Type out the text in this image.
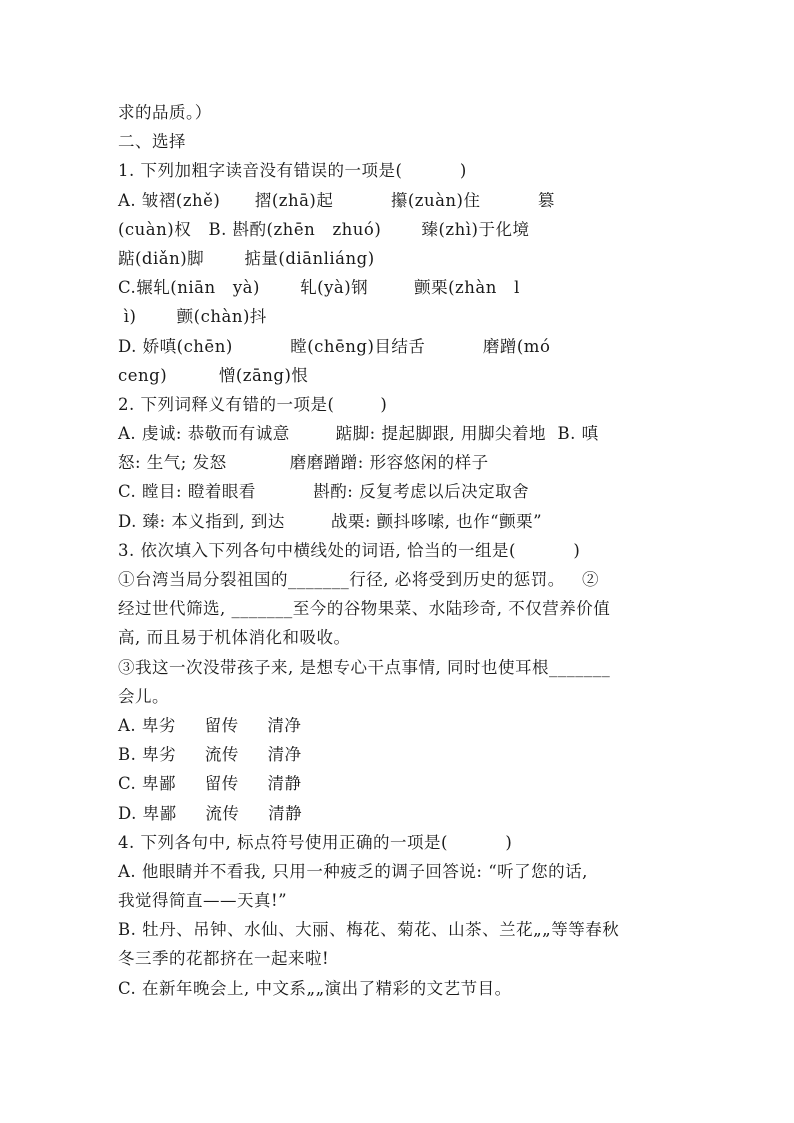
求的品质。）
二、选择
1. 下列加粗字读音没有错误的一项是(          )
A. 皱褶(zhě)      摺(zhā)起          攥(zuàn)住          篡
(cuàn)权   B. 斟酌(zhēn   zhuó)       臻(zhì)于化境
踮(diǎn)脚       掂量(diānliáng)
C.辗轧(niān   yà)       轧(yà)钢        颤栗(zhàn   l
ì)       颤(chàn)抖
D. 娇嗔(chēn)          瞠(chēng)目结舌          磨蹭(mó
ceng)         憎(zāng)恨
2. 下列词释义有错的一项是(        )
A. 虔诚: 恭敬而有诚意        踮脚: 提起脚跟, 用脚尖着地  B. 嗔
怒: 生气; 发怒           磨磨蹭蹭: 形容悠闲的样子
C. 瞠目: 瞪着眼看          斟酌: 反复考虑以后决定取舍
D. 臻: 本义指到, 到达        战栗: 颤抖哆嗦, 也作“颤栗”
3. 依次填入下列各句中横线处的词语, 恰当的一组是(          )
①台湾当局分裂祖国的_______行径, 必将受到历史的惩罚。   ②
经过世代筛选, _______至今的谷物果菜、水陆珍奇, 不仅营养价值
高, 而且易于机体消化和吸收。
③我这一次没带孩子来, 是想专心干点事情, 同时也使耳根_______
会儿。
A. 卑劣     留传     清净
B. 卑劣     流传     清净
C. 卑鄙     留传     清静
D. 卑鄙     流传     清静
4. 下列各句中, 标点符号使用正确的一项是(          )
A. 他眼睛并不看我, 只用一种疲乏的调子回答说: “听了您的话,
我觉得简直——天真!”
B. 牡丹、吊钟、水仙、大丽、梅花、菊花、山茶、兰花„„等等春秋
冬三季的花都挤在一起来啦!
C. 在新年晚会上, 中文系„„演出了精彩的文艺节目。
